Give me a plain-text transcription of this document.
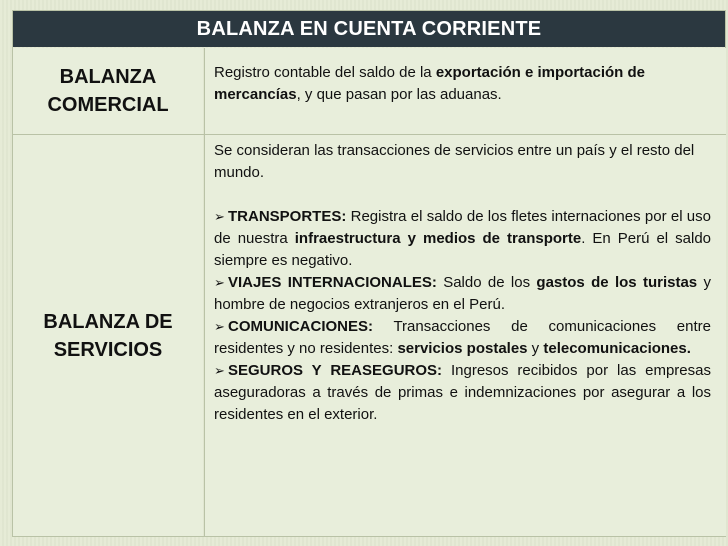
BALANZA EN CUENTA CORRIENTE
BALANZA
COMERCIAL

Registro contable del saldo de la exportación e importación de mercancías, y que pasan por las aduanas.

BALANZA DE
SERVICIOS

Se consideran las transacciones de servicios entre un país y el resto del mundo.

➢ TRANSPORTES: Registra el saldo de los fletes internaciones por el uso de nuestra infraestructura y medios de transporte. En Perú el saldo siempre es negativo.

➢ VIAJES INTERNACIONALES: Saldo de los gastos de los turistas y hombre de negocios extranjeros en el Perú.

➢ COMUNICACIONES: Transacciones de comunicaciones entre residentes y no residentes: servicios postales y telecomunicaciones.

➢ SEGUROS Y REASEGUROS: Ingresos recibidos por las empresas aseguradoras a través de primas e indemnizaciones por asegurar a los residentes en el exterior.
